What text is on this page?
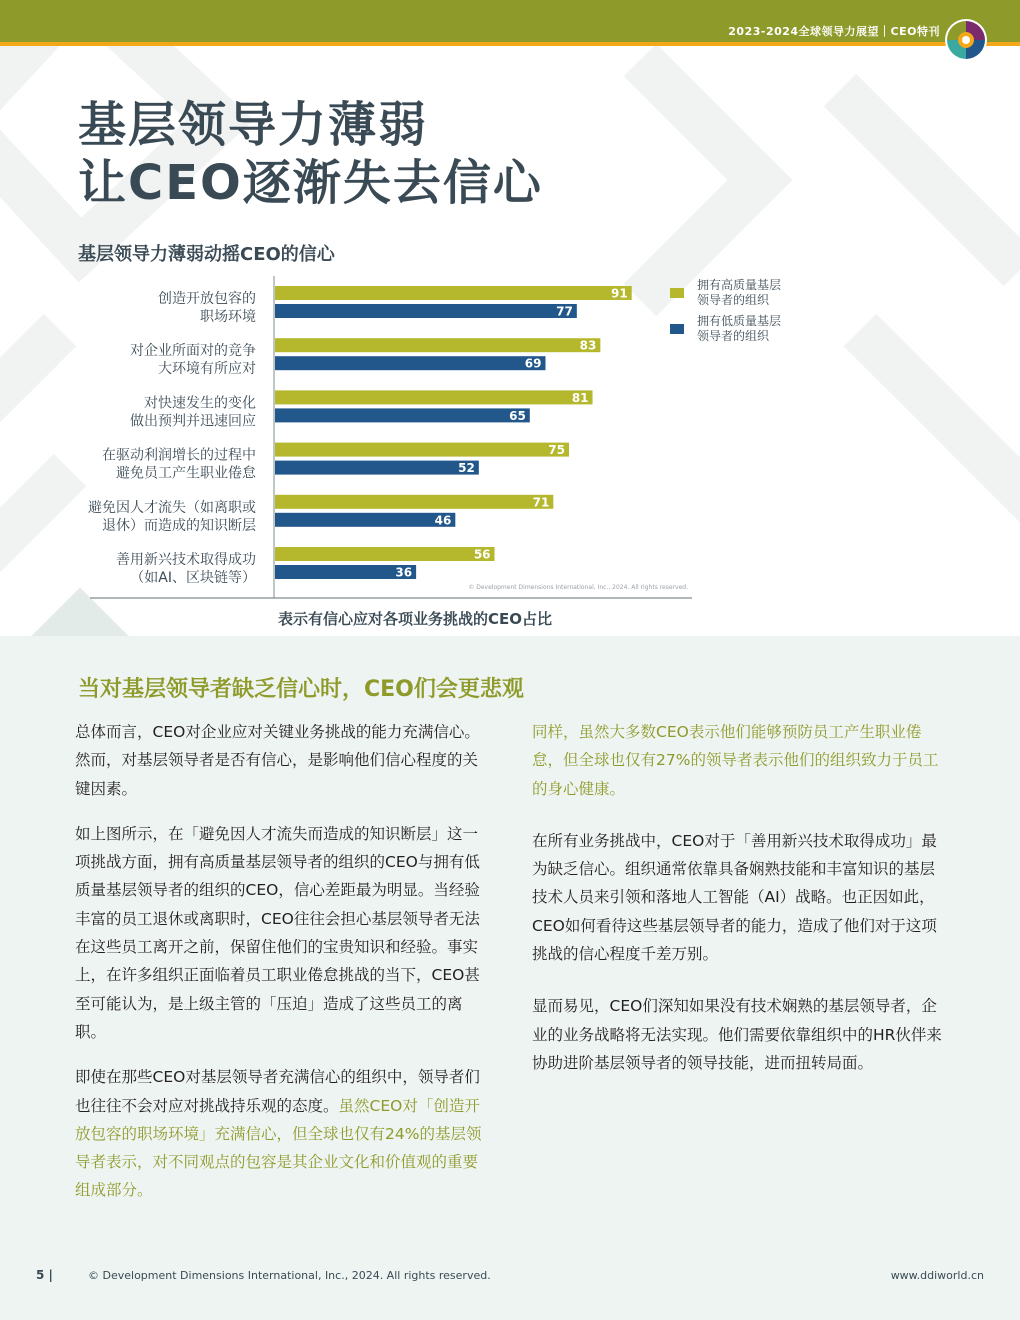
2023-2024全球领导力展望｜CEO特刊
基层领导力薄弱
让CEO逐渐失去信心
基层领导力薄弱动摇CEO的信心
创造开放包容的
职场环境
91
77
对企业所面对的竞争
大环境有所应对
83
69
对快速发生的变化
做出预判并迅速回应
81
65
在驱动利润增长的过程中
避免员工产生职业倦怠
75
52
避免因人才流失（如离职或
退休）而造成的知识断层
71
46
善用新兴技术取得成功
（如AI、区块链等）
56
36
拥有高质量基层
领导者的组织
拥有低质量基层
领导者的组织
© Development Dimensions International, Inc., 2024. All rights reserved.
表示有信心应对各项业务挑战的CEO占比
当对基层领导者缺乏信心时，CEO们会更悲观

总体而言，CEO对企业应对关键业务挑战的能力充满信心。然而，对基层领导者是否有信心，是影响他们信心程度的关键因素。

如上图所示，在「避免因人才流失而造成的知识断层」这一项挑战方面，拥有高质量基层领导者的组织的CEO与拥有低质量基层领导者的组织的CEO，信心差距最为明显。当经验丰富的员工退休或离职时，CEO往往会担心基层领导者无法在这些员工离开之前，保留住他们的宝贵知识和经验。事实上，在许多组织正面临着员工职业倦怠挑战的当下，CEO甚至可能认为，是上级主管的「压迫」造成了这些员工的离职。

即使在那些CEO对基层领导者充满信心的组织中，领导者们也往往不会对应对挑战持乐观的态度。虽然CEO对「创造开放包容的职场环境」充满信心，但全球也仅有24%的基层领导者表示，对不同观点的包容是其企业文化和价值观的重要组成部分。

同样，虽然大多数CEO表示他们能够预防员工产生职业倦怠，但全球也仅有27%的领导者表示他们的组织致力于员工的身心健康。

在所有业务挑战中，CEO对于「善用新兴技术取得成功」最为缺乏信心。组织通常依靠具备娴熟技能和丰富知识的基层技术人员来引领和落地人工智能（AI）战略。也正因如此，CEO如何看待这些基层领导者的能力，造成了他们对于这项挑战的信心程度千差万别。

显而易见，CEO们深知如果没有技术娴熟的基层领导者，企业的业务战略将无法实现。他们需要依靠组织中的HR伙伴来协助进阶基层领导者的领导技能，进而扭转局面。

5 |	© Development Dimensions International, Inc., 2024. All rights reserved.	www.ddiworld.cn
